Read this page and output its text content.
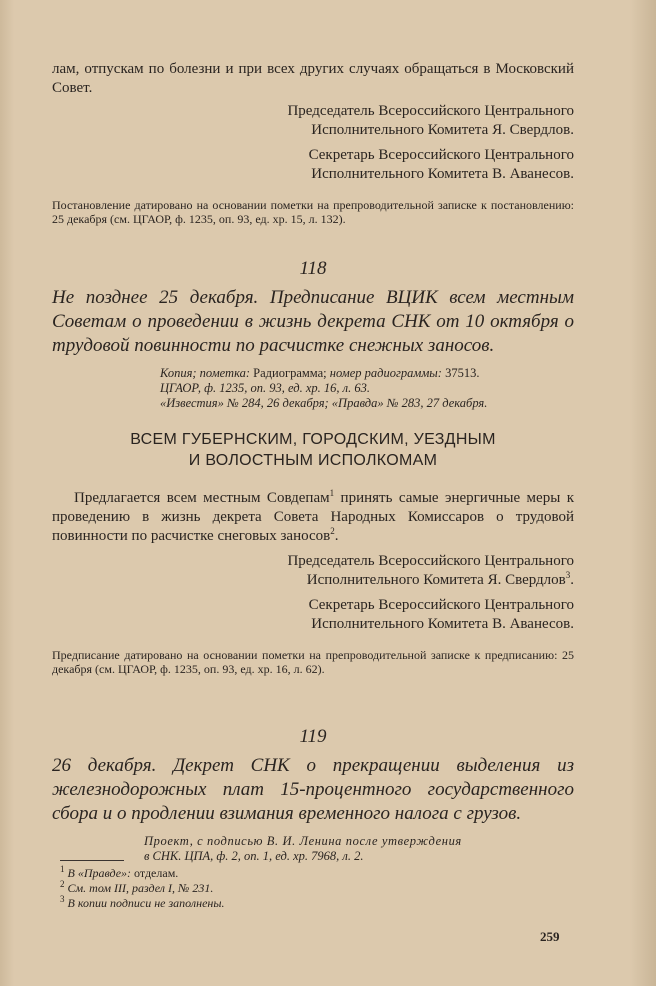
лам, отпускам по болезни и при всех других случаях обращаться в Московский Совет.

Председатель Всероссийского Центрального
Исполнительного Комитета Я. Свердлов.
Секретарь Всероссийского Центрального
Исполнительного Комитета В. Аванесов.

Постановление датировано на основании пометки на препроводительной записке к постановлению: 25 декабря (см. ЦГАОР, ф. 1235, оп. 93, ед. хр. 15, л. 132).

118

Не позднее 25 декабря. Предписание ВЦИК всем местным Советам о проведении в жизнь декрета СНК от 10 октября о трудовой повинности по расчистке снежных заносов.

Копия; пометка: Радиограмма; номер радиограммы: 37513.
ЦГАОР, ф. 1235, оп. 93, ед. хр. 16, л. 63.
«Известия» № 284, 26 декабря; «Правда» № 283, 27 декабря.
ВСЕМ ГУБЕРНСКИМ, ГОРОДСКИМ, УЕЗДНЫМ
И ВОЛОСТНЫМ ИСПОЛКОМАМ

Предлагается всем местным Совдепам$^1$ принять самые энергичные меры к проведению в жизнь декрета Совета Народных Комиссаров о трудовой повинности по расчистке снеговых заносов$^2$.

Председатель Всероссийского Центрального
Исполнительного Комитета Я. Свердлов$^3$.
Секретарь Всероссийского Центрального
Исполнительного Комитета В. Аванесов.

Предписание датировано на основании пометки на препроводительной записке к предписанию: 25 декабря (см. ЦГАОР, ф. 1235, оп. 93, ед. хр. 16, л. 62).

119

26 декабря. Декрет СНК о прекращении выделения из железнодорожных плат 15-процентного государственного сбора и о продлении взимания временного налога с грузов.

Проект, с подписью В. И. Ленина после утверждения
в СНК. ЦПА, ф. 2, оп. 1, ед. хр. 7968, л. 2.
$^1$ В «Правде»: отделам.
$^2$ См. том III, раздел I, № 231.
$^3$ В копии подписи не заполнены.
259
